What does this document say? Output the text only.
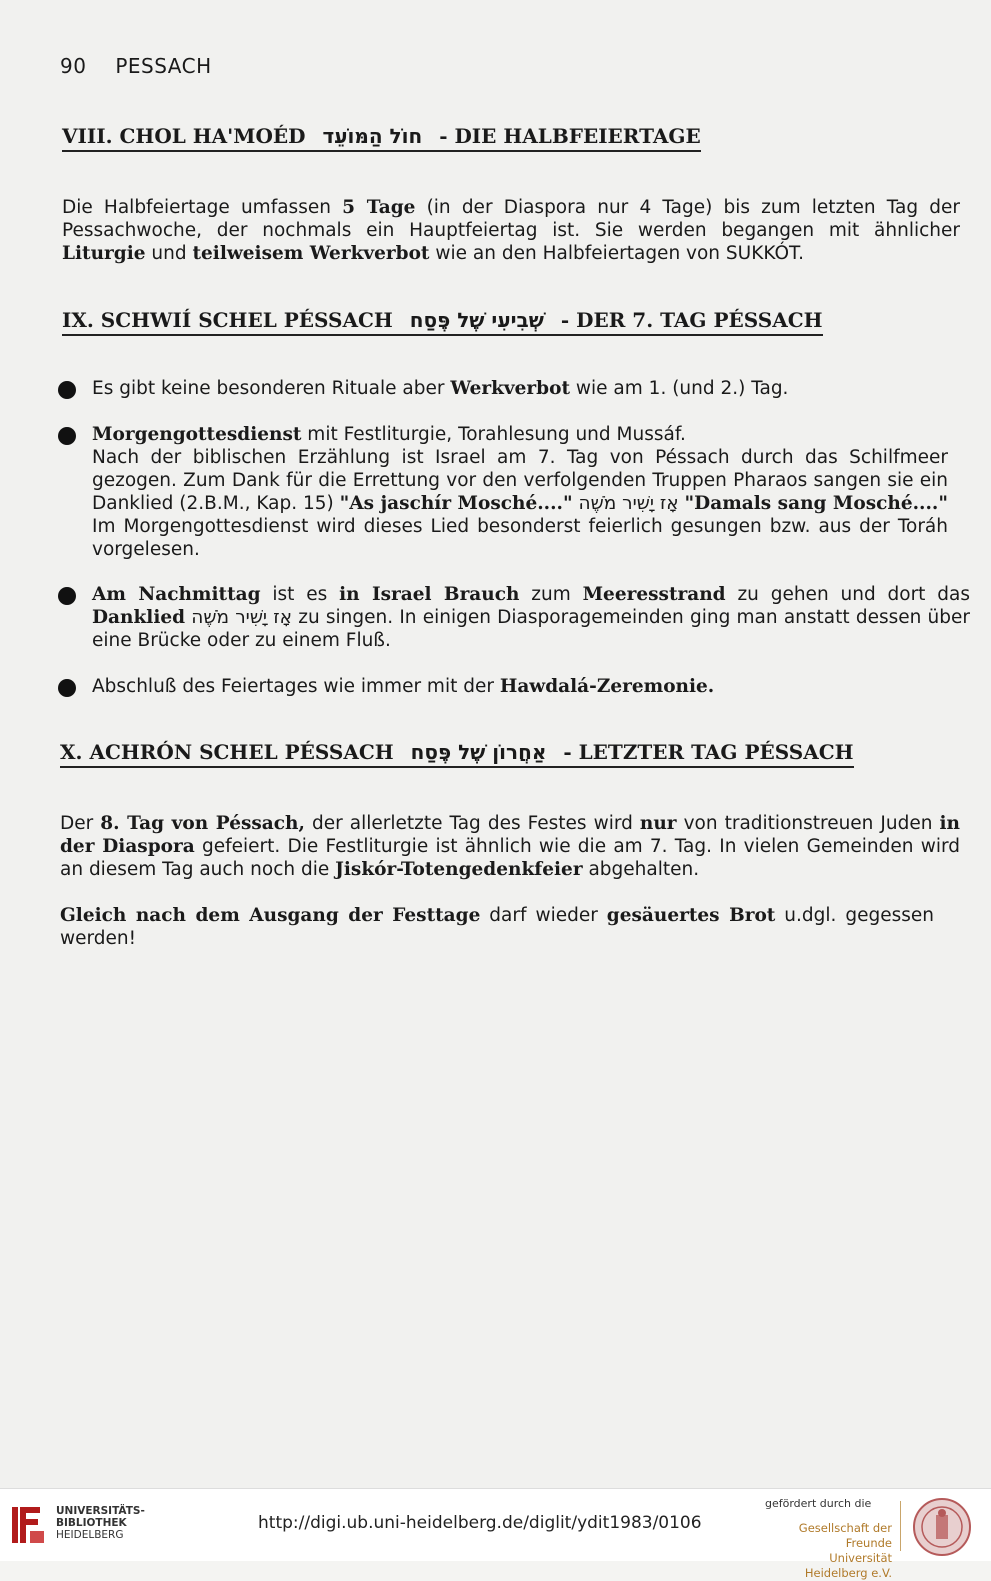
90 PESSACH
VIII. CHOL HA'MOÉD חוֹל הַמּוֹעֵד - DIE HALBFEIERTAGE
Die Halbfeiertage umfassen 5 Tage (in der Diaspora nur 4 Tage) bis zum letzten Tag der Pessachwoche, der nochmals ein Hauptfeiertag ist. Sie werden begangen mit ähnlicher Liturgie und teilweisem Werkverbot wie an den Halbfeiertagen von SUKKÓT.
IX. SCHWIÍ SCHEL PÉSSACH שְׁבִיעִי שֶׁל פֶּסַח - DER 7. TAG PÉSSACH
Es gibt keine besonderen Rituale aber Werkverbot wie am 1. (und 2.) Tag.
Morgengottesdienst mit Festliturgie, Torahlesung und Mussáf.
Nach der biblischen Erzählung ist Israel am 7. Tag von Péssach durch das Schilfmeer gezogen. Zum Dank für die Errettung vor den verfolgenden Truppen Pharaos sangen sie ein Danklied (2.B.M., Kap. 15) "As jaschír Mosché...." אָז יָשִׁיר מֹשֶׁה "Damals sang Mosché...." Im Morgengottesdienst wird dieses Lied besonderst feierlich gesungen bzw. aus der Toráh vorgelesen.
Am Nachmittag ist es in Israel Brauch zum Meeresstrand zu gehen und dort das Danklied אָז יָשִׁיר מֹשֶׁה zu singen. In einigen Diasporagemeinden ging man anstatt dessen über eine Brücke oder zu einem Fluß.
Abschluß des Feiertages wie immer mit der Hawdalá-Zeremonie.
X. ACHRÓN SCHEL PÉSSACH אַחֲרוֹן שֶׁל פֶּסַח - LETZTER TAG PÉSSACH
Der 8. Tag von Péssach, der allerletzte Tag des Festes wird nur von traditionstreuen Juden in der Diaspora gefeiert. Die Festliturgie ist ähnlich wie die am 7. Tag. In vielen Gemeinden wird an diesem Tag auch noch die Jiskór-Totengedenkfeier abgehalten.
Gleich nach dem Ausgang der Festtage darf wieder gesäuertes Brot u.dgl. gegessen werden!
UNIVERSITÄTS-
BIBLIOTHEK
HEIDELBERG
http://digi.ub.uni-heidelberg.de/diglit/ydit1983/0106
gefördert durch die
Gesellschaft der Freunde
Universität Heidelberg e.V.
